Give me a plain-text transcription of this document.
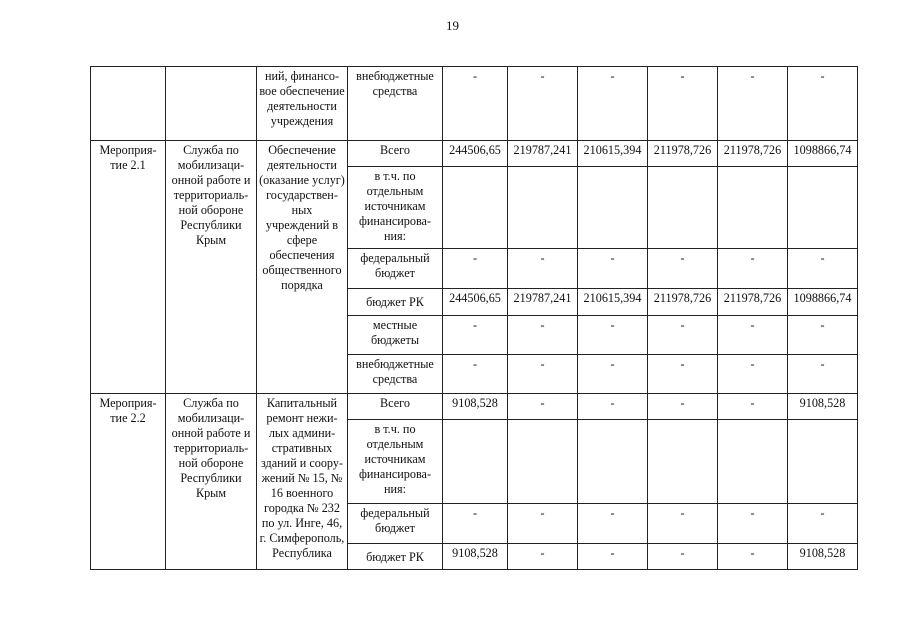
19
		ний, финансо-вое обеспечение деятельности учреждения	внебюджетные средства	-	-	-	-	-	-
Мероприя-тие 2.1	Служба по мобилизаци-онной работе и территориаль-ной обороне Республики Крым	Обеспечение деятельности (оказание услуг) государствен-ных учреждений в сфере обеспечения общественного порядка	Всего	244506,65	219787,241	210615,394	211978,726	211978,726	1098866,74
			в т.ч. по отдельным источникам финансирова-ния:						
			федеральный бюджет	-	-	-	-	-	-
			бюджет РК	244506,65	219787,241	210615,394	211978,726	211978,726	1098866,74
			местные бюджеты	-	-	-	-	-	-
			внебюджетные средства	-	-	-	-	-	-
Мероприя-тие 2.2	Служба по мобилизаци-онной работе и территориаль-ной обороне Республики Крым	Капитальный ремонт нежи-лых админи-стративных зданий и соору-жений № 15, № 16 военного городка № 232 по ул. Инге, 46, г. Симферополь, Республика	Всего	9108,528	-	-	-	-	9108,528
			в т.ч. по отдельным источникам финансирова-ния:						
			федеральный бюджет	-	-	-	-	-	-
			бюджет РК	9108,528	-	-	-	-	9108,528
